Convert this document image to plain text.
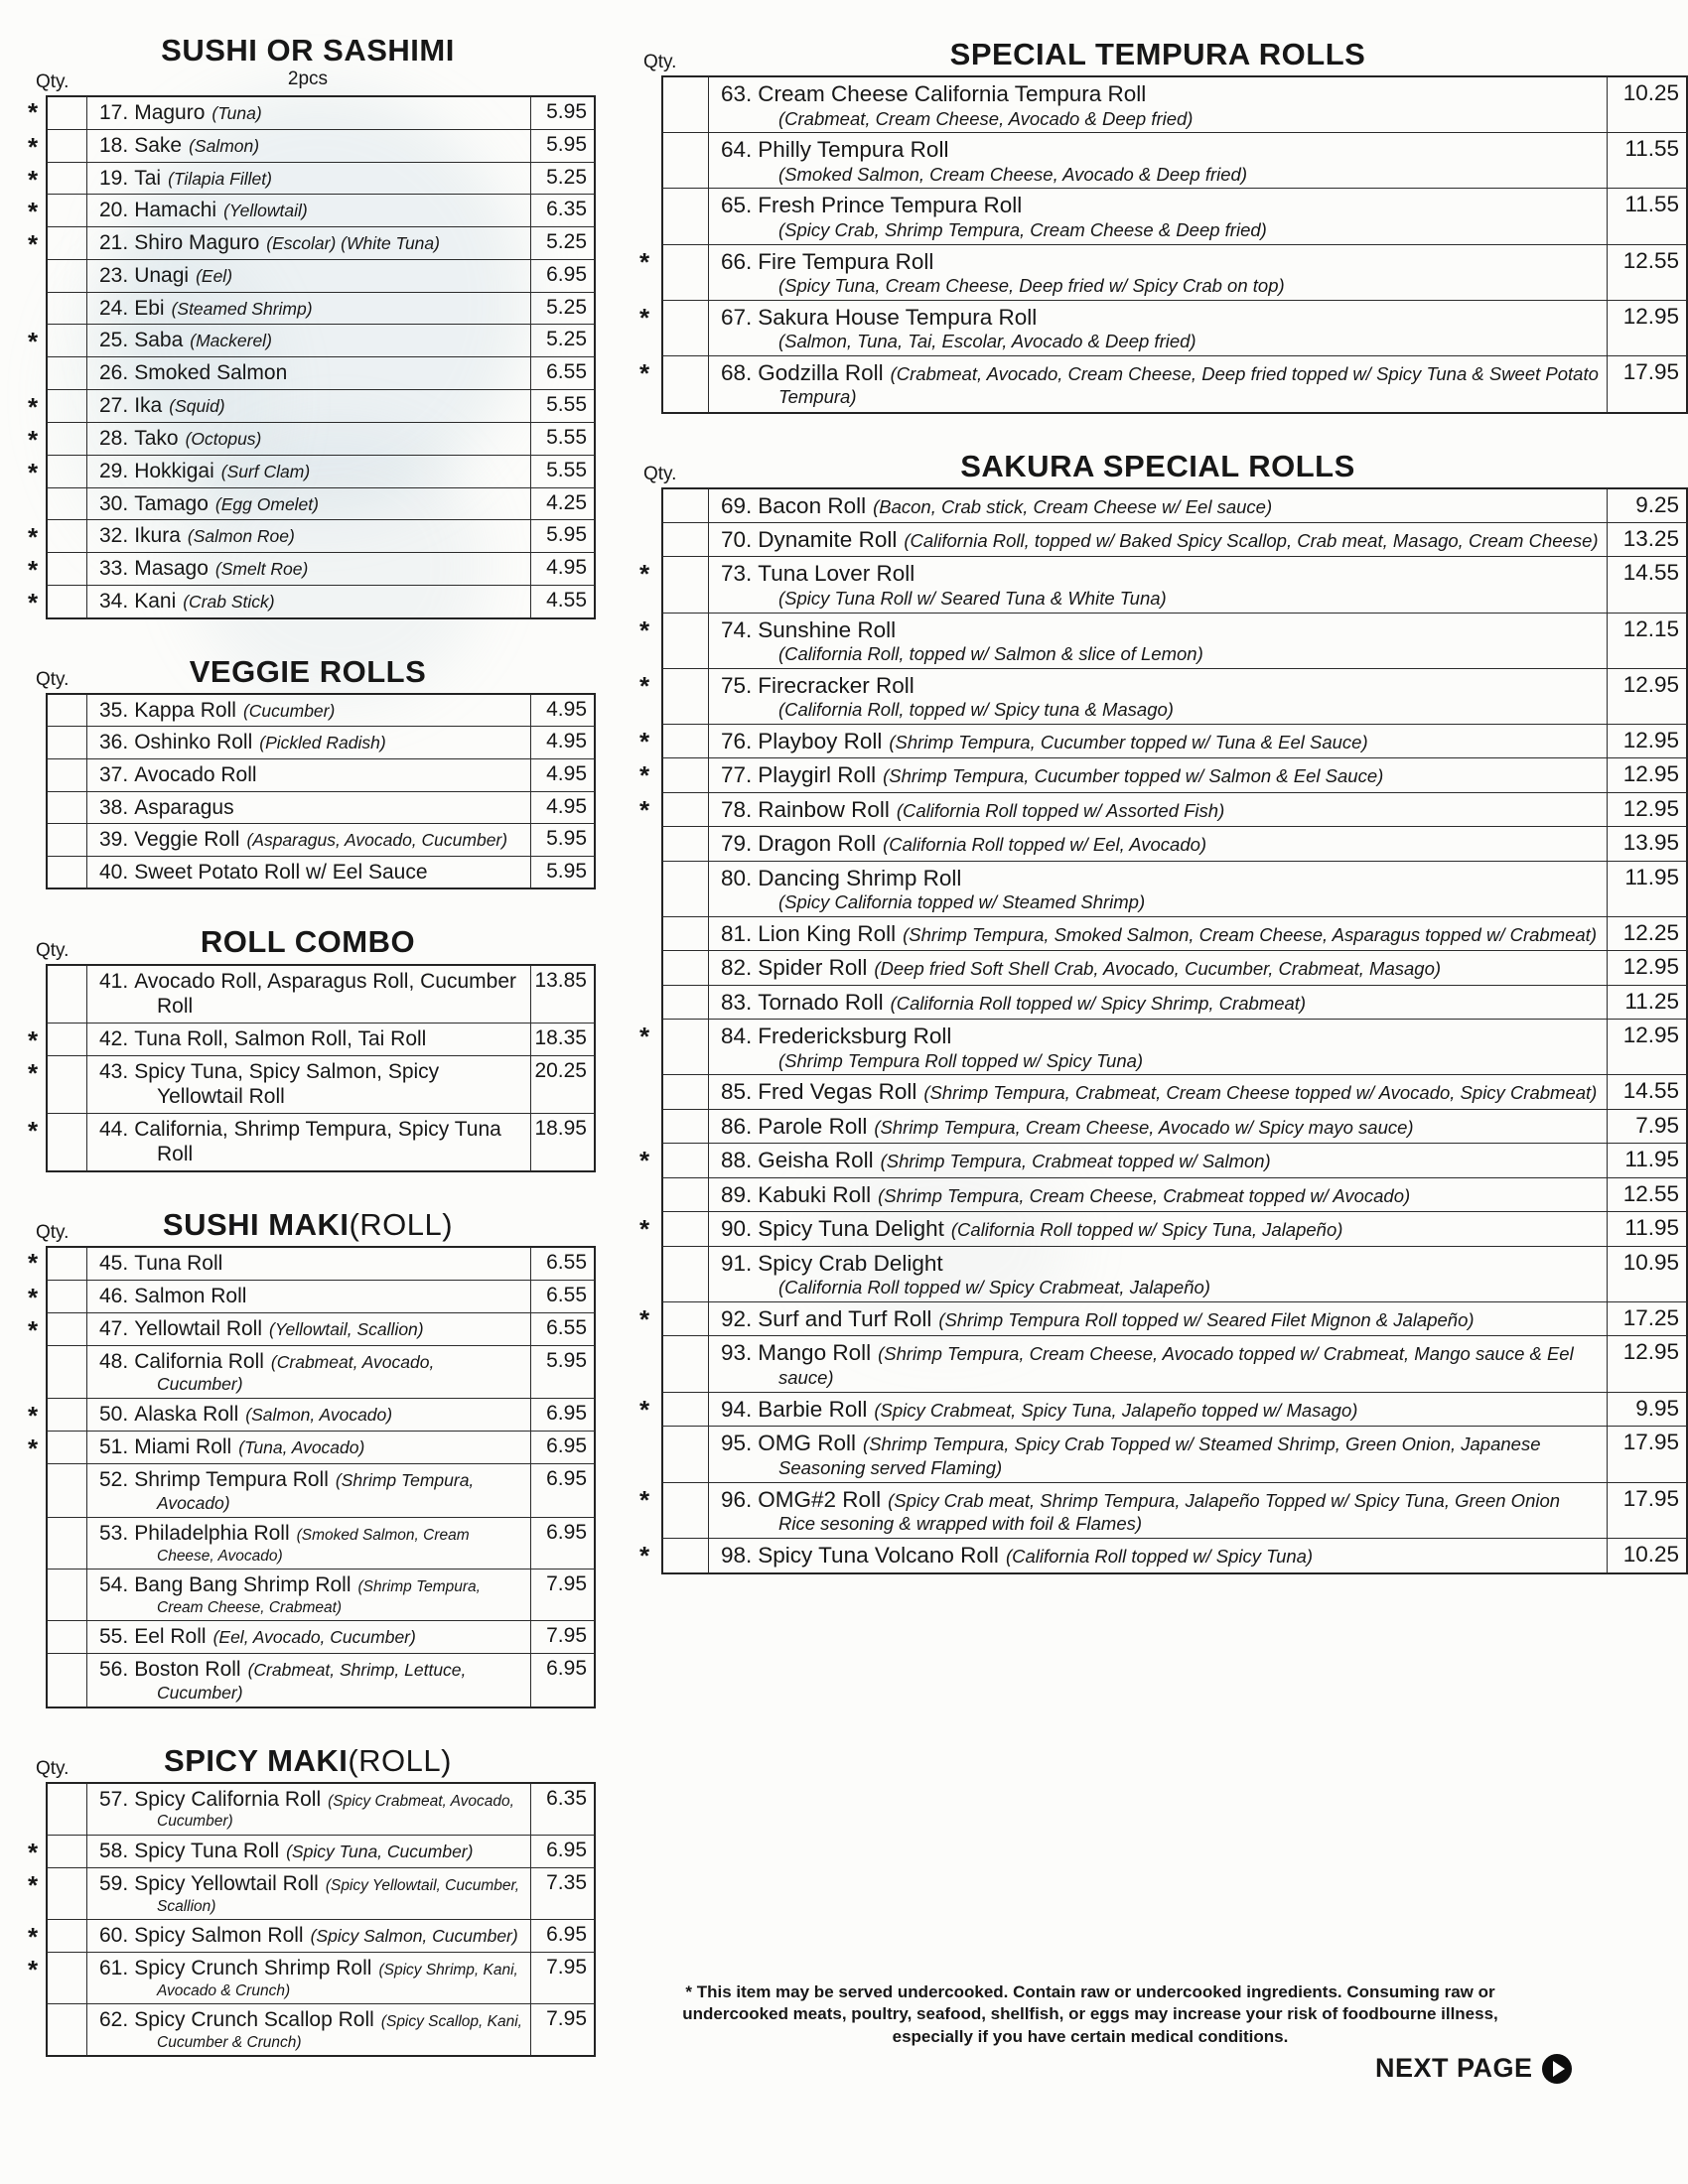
Qty.
SUSHI OR SASHIMI
2pcs
*	17. Maguro (Tuna)	5.95
*	18. Sake (Salmon)	5.95
*	19. Tai (Tilapia Fillet)	5.25
*	20. Hamachi (Yellowtail)	6.35
*	21. Shiro Maguro (Escolar) (White Tuna)	5.25
23. Unagi (Eel)	6.95
24. Ebi (Steamed Shrimp)	5.25
*	25. Saba (Mackerel)	5.25
26. Smoked Salmon	6.55
*	27. Ika (Squid)	5.55
*	28. Tako (Octopus)	5.55
*	29. Hokkigai (Surf Clam)	5.55
30. Tamago (Egg Omelet)	4.25
*	32. Ikura (Salmon Roe)	5.95
*	33. Masago (Smelt Roe)	4.95
*	34. Kani (Crab Stick)	4.55
Qty.	VEGGIE ROLLS
35. Kappa Roll (Cucumber)	4.95
36. Oshinko Roll (Pickled Radish)	4.95
37. Avocado Roll	4.95
38. Asparagus	4.95
39. Veggie Roll (Asparagus, Avocado, Cucumber)	5.95
40. Sweet Potato Roll w/ Eel Sauce	5.95
Qty.	ROLL COMBO
41. Avocado Roll, Asparagus Roll, Cucumber Roll
13.85
*	42. Tuna Roll, Salmon Roll, Tai Roll	18.35
*	43. Spicy Tuna, Spicy Salmon, Spicy Yellowtail Roll
20.25
*	44. California, Shrimp Tempura, Spicy Tuna Roll
18.95
Qty.	SUSHI MAKI(ROLL)
*	45. Tuna Roll	6.55
*	46. Salmon Roll	6.55
*	47. Yellowtail Roll (Yellowtail, Scallion)	6.55
48. California Roll (Crabmeat, Avocado, Cucumber)
5.95
*	50. Alaska Roll (Salmon, Avocado)	6.95
*	51. Miami Roll (Tuna, Avocado)	6.95
52. Shrimp Tempura Roll (Shrimp Tempura, Avocado)
6.95
53. Philadelphia Roll (Smoked Salmon, Cream Cheese, Avocado)
6.95
54. Bang Bang Shrimp Roll (Shrimp Tempura, Cream Cheese, Crabmeat)
7.95
55. Eel Roll (Eel, Avocado, Cucumber)	7.95
56. Boston Roll (Crabmeat, Shrimp, Lettuce, Cucumber)
6.95
Qty.	SPICY MAKI(ROLL)
57. Spicy California Roll (Spicy Crabmeat, Avocado, Cucumber)
6.35
*	58. Spicy Tuna Roll (Spicy Tuna, Cucumber)	6.95
*	59. Spicy Yellowtail Roll (Spicy Yellowtail, Cucumber, Scallion)
7.35
*	60. Spicy Salmon Roll (Spicy Salmon, Cucumber)	6.95
*	61. Spicy Crunch Shrimp Roll (Spicy Shrimp, Kani, Avocado & Crunch)
7.95
62. Spicy Crunch Scallop Roll (Spicy Scallop, Kani, Cucumber & Crunch)
7.95
Qty.	SPECIAL TEMPURA ROLLS
63. Cream Cheese California Tempura Roll
(Crabmeat, Cream Cheese, Avocado & Deep fried)
10.25
64. Philly Tempura Roll
(Smoked Salmon, Cream Cheese, Avocado & Deep fried)
11.55
65. Fresh Prince Tempura Roll
(Spicy Crab, Shrimp Tempura, Cream Cheese & Deep fried)
11.55
*	66. Fire Tempura Roll
(Spicy Tuna, Cream Cheese, Deep fried w/ Spicy Crab on top)
12.55
*	67. Sakura House Tempura Roll
(Salmon, Tuna, Tai, Escolar, Avocado & Deep fried)
12.95
*	68. Godzilla Roll (Crabmeat, Avocado, Cream Cheese, Deep fried topped w/ Spicy Tuna & Sweet Potato Tempura)
17.95
Qty.	SAKURA SPECIAL ROLLS
69. Bacon Roll (Bacon, Crab stick, Cream Cheese w/ Eel sauce)	9.25
70. Dynamite Roll (California Roll, topped w/ Baked Spicy Scallop, Crab meat, Masago, Cream Cheese)	13.25
*	73. Tuna Lover Roll
(Spicy Tuna Roll w/ Seared Tuna & White Tuna)
14.55
*	74. Sunshine Roll
(California Roll, topped w/ Salmon & slice of Lemon)
12.15
*	75. Firecracker Roll
(California Roll, topped w/ Spicy tuna & Masago)
12.95
*	76. Playboy Roll (Shrimp Tempura, Cucumber topped w/ Tuna & Eel Sauce)	12.95
*	77. Playgirl Roll (Shrimp Tempura, Cucumber topped w/ Salmon & Eel Sauce)	12.95
*	78. Rainbow Roll (California Roll topped w/ Assorted Fish)	12.95
79. Dragon Roll (California Roll topped w/ Eel, Avocado)	13.95
80. Dancing Shrimp Roll
(Spicy California topped w/ Steamed Shrimp)
11.95
81. Lion King Roll (Shrimp Tempura, Smoked Salmon, Cream Cheese, Asparagus topped w/ Crabmeat)	12.25
82. Spider Roll (Deep fried Soft Shell Crab, Avocado, Cucumber, Crabmeat, Masago)	12.95
83. Tornado Roll (California Roll topped w/ Spicy Shrimp, Crabmeat)	11.25
*	84. Fredericksburg Roll
(Shrimp Tempura Roll topped w/ Spicy Tuna)
12.95
85. Fred Vegas Roll (Shrimp Tempura, Crabmeat, Cream Cheese topped w/ Avocado, Spicy Crabmeat)	14.55
86. Parole Roll (Shrimp Tempura, Cream Cheese, Avocado w/ Spicy mayo sauce)	7.95
*	88. Geisha Roll (Shrimp Tempura, Crabmeat topped w/ Salmon)	11.95
89. Kabuki Roll (Shrimp Tempura, Cream Cheese, Crabmeat topped w/ Avocado)	12.55
*	90. Spicy Tuna Delight (California Roll topped w/ Spicy Tuna, Jalapeño)	11.95
91. Spicy Crab Delight
(California Roll topped w/ Spicy Crabmeat, Jalapeño)
10.95
*	92. Surf and Turf Roll (Shrimp Tempura Roll topped w/ Seared Filet Mignon & Jalapeño)	17.25
93. Mango Roll (Shrimp Tempura, Cream Cheese, Avocado topped w/ Crabmeat, Mango sauce & Eel sauce)
12.95
*	94. Barbie Roll (Spicy Crabmeat, Spicy Tuna, Jalapeño topped w/ Masago)	9.95
95. OMG Roll (Shrimp Tempura, Spicy Crab Topped w/ Steamed Shrimp, Green Onion, Japanese Seasoning served Flaming)
17.95
*	96. OMG#2 Roll (Spicy Crab meat, Shrimp Tempura, Jalapeño Topped w/ Spicy Tuna, Green Onion Rice sesoning & wrapped with foil & Flames)
17.95
*	98. Spicy Tuna Volcano Roll (California Roll topped w/ Spicy Tuna)	10.25
* This item may be served undercooked. Contain raw or undercooked ingredients. Consuming raw or undercooked meats, poultry, seafood, shellfish, or eggs may increase your risk of foodbourne illness, especially if you have certain medical conditions.
NEXT PAGE
